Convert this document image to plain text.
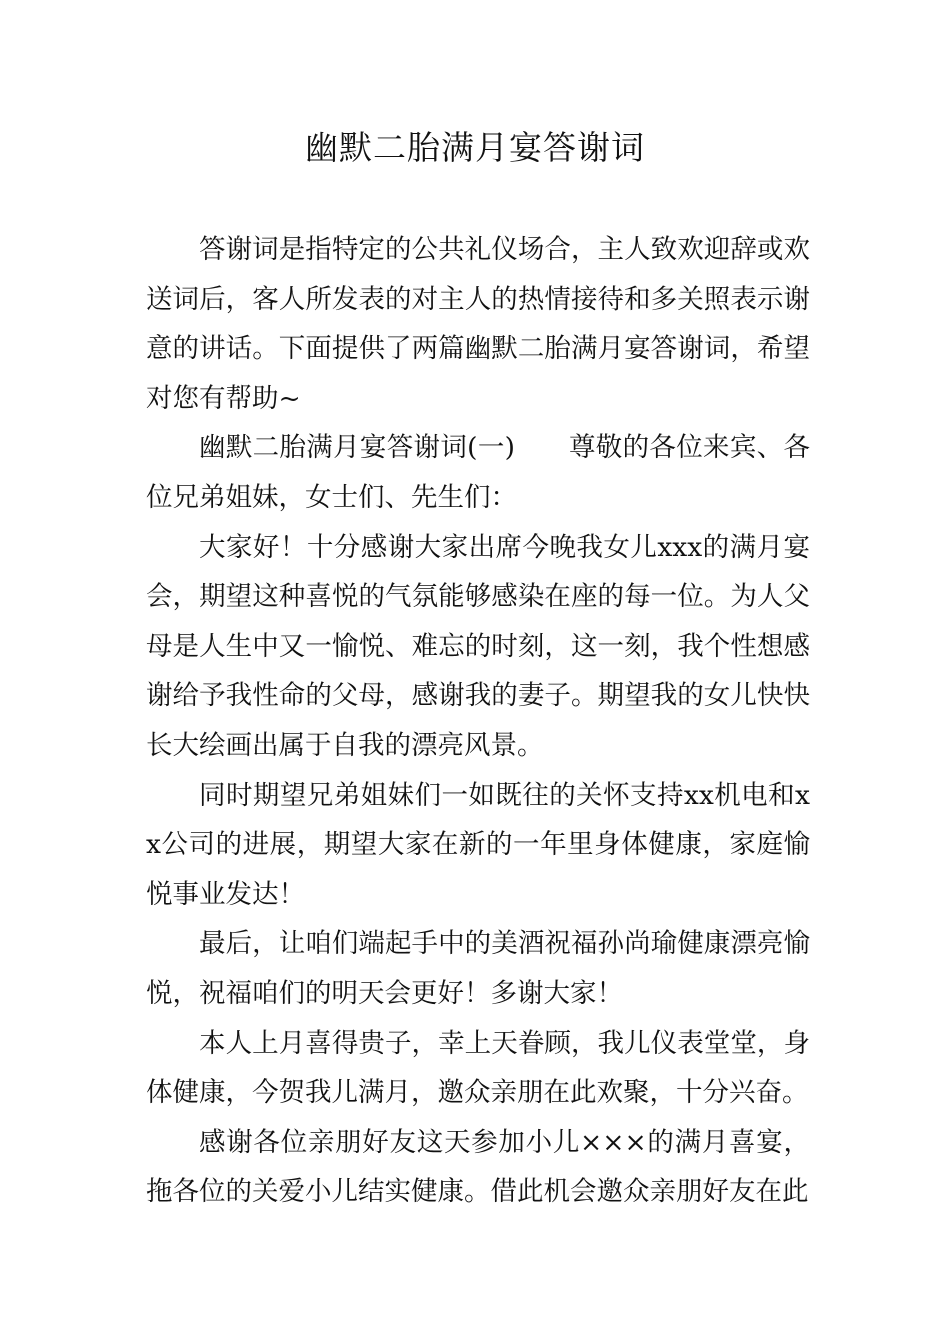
幽默二胎满月宴答谢词

答谢词是指特定的公共礼仪场合，主人致欢迎辞或欢送词后，客人所发表的对主人的热情接待和多关照表示谢意的讲话。下面提供了两篇幽默二胎满月宴答谢词，希望对您有帮助~

幽默二胎满月宴答谢词(一)　　尊敬的各位来宾、各位兄弟姐妹，女士们、先生们：

大家好！十分感谢大家出席今晚我女儿xxx的满月宴会，期望这种喜悦的气氛能够感染在座的每一位。为人父母是人生中又一愉悦、难忘的时刻，这一刻，我个性想感谢给予我性命的父母，感谢我的妻子。期望我的女儿快快长大绘画出属于自我的漂亮风景。

同时期望兄弟姐妹们一如既往的关怀支持xx机电和xx公司的进展，期望大家在新的一年里身体健康，家庭愉悦事业发达！

最后，让咱们端起手中的美酒祝福孙尚瑜健康漂亮愉悦，祝福咱们的明天会更好！多谢大家！

本人上月喜得贵子，幸上天眷顾，我儿仪表堂堂，身体健康，今贺我儿满月，邀众亲朋在此欢聚，十分兴奋。

感谢各位亲朋好友这天参加小儿×××的满月喜宴，拖各位的关爱小儿结实健康。借此机会邀众亲朋好友在此
